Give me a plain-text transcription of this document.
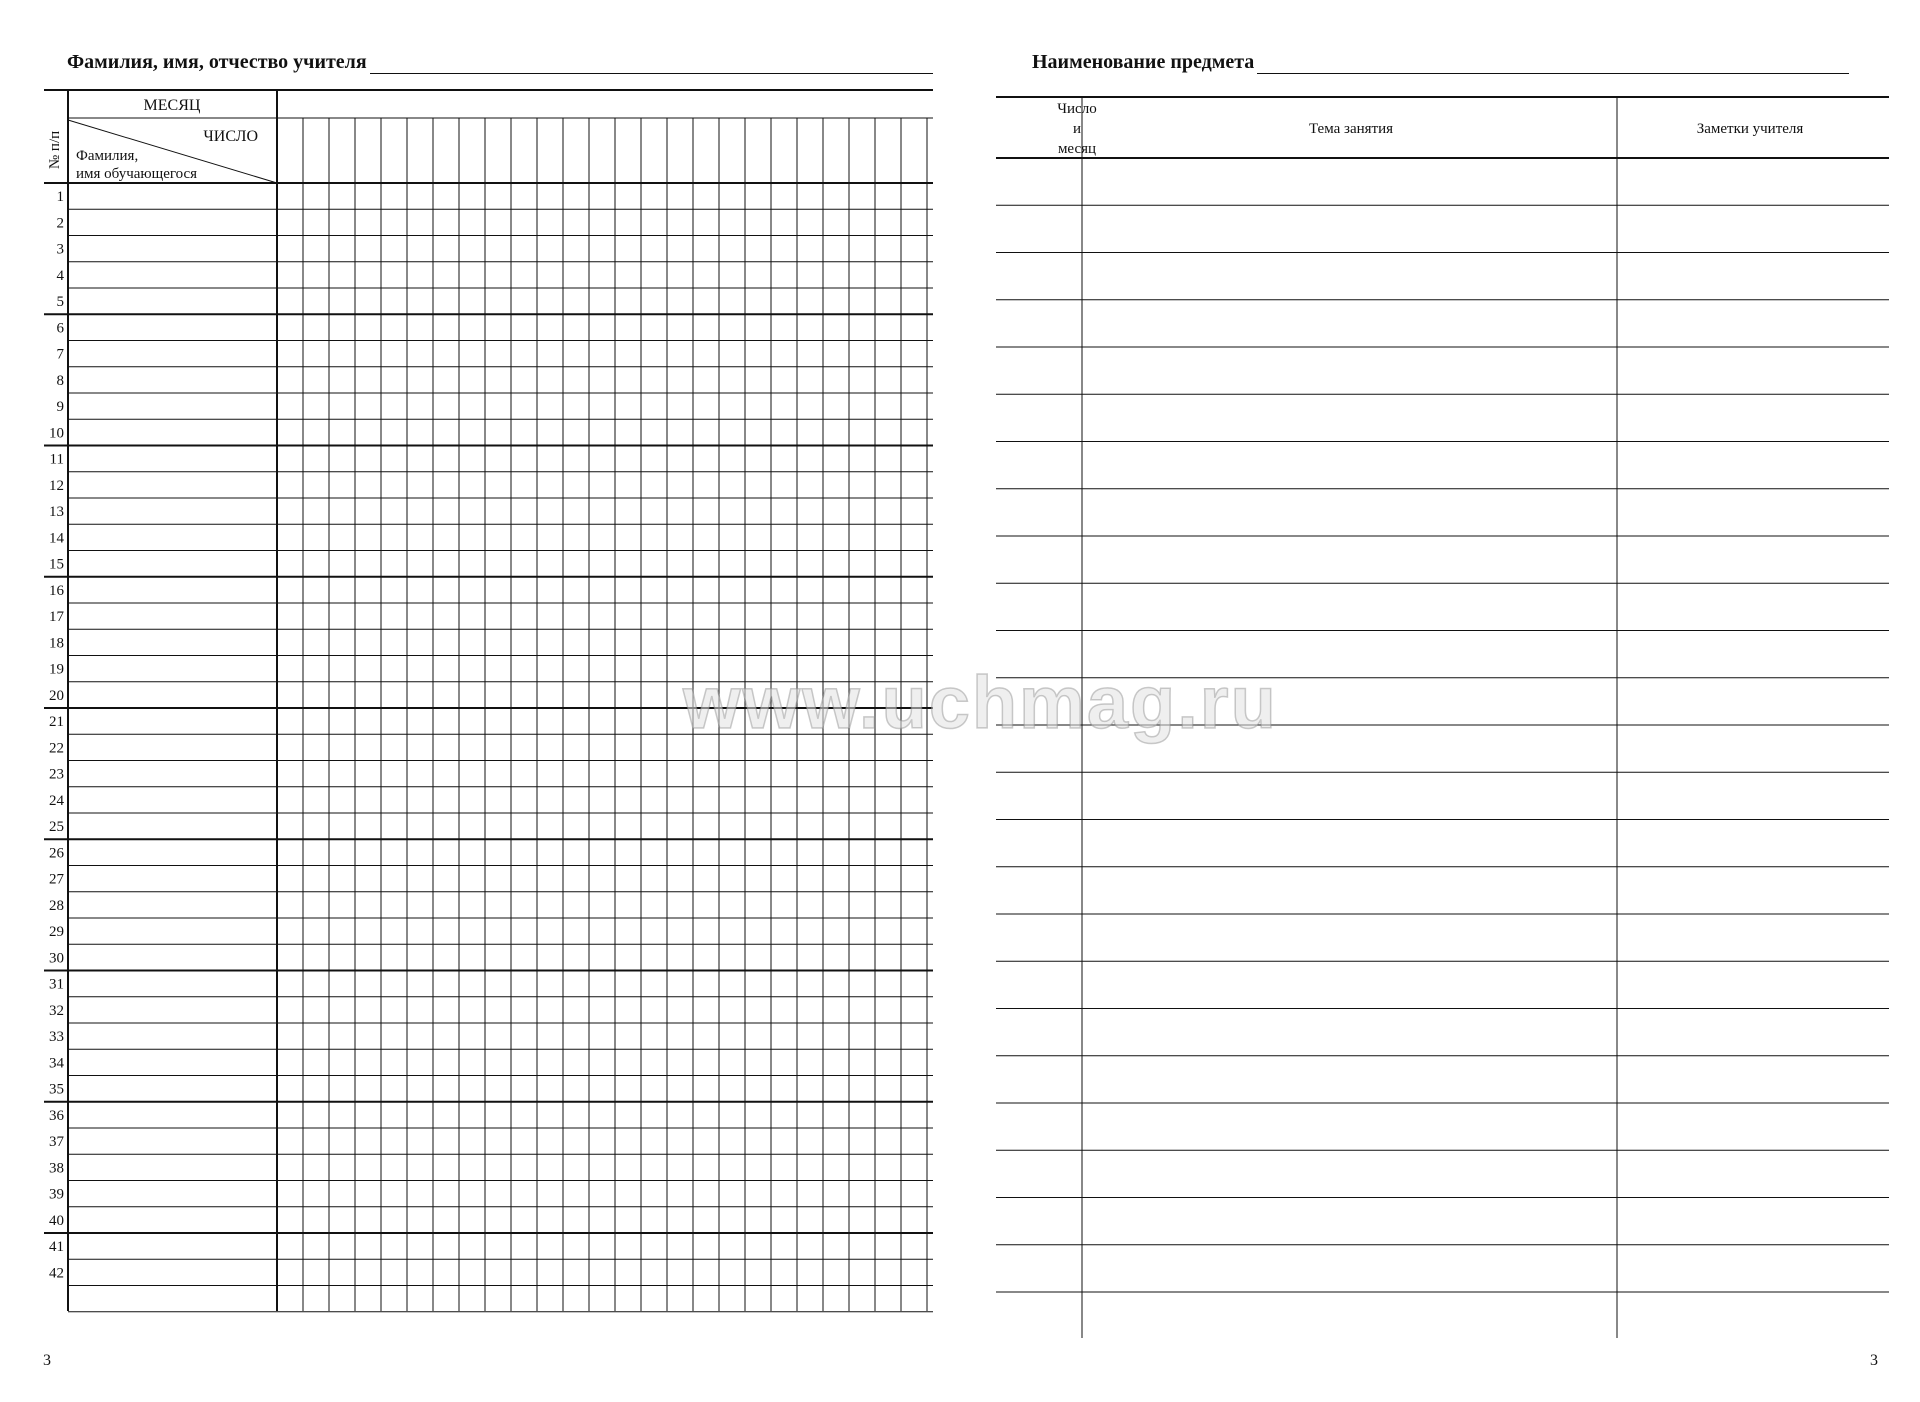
Фамилия, имя, отчество учителя
МЕСЯЦ
ЧИСЛО
Фамилия,
имя обучающегося
№ п/п
1
2
3
4
5
6
7
8
9
10
11
12
13
14
15
16
17
18
19
20
21
22
23
24
25
26
27
28
29
30
31
32
33
34
35
36
37
38
39
40
41
42
3
Наименование предмета
Число
и
месяц
Тема занятия	Заметки учителя
3
www.uchmag.ru
